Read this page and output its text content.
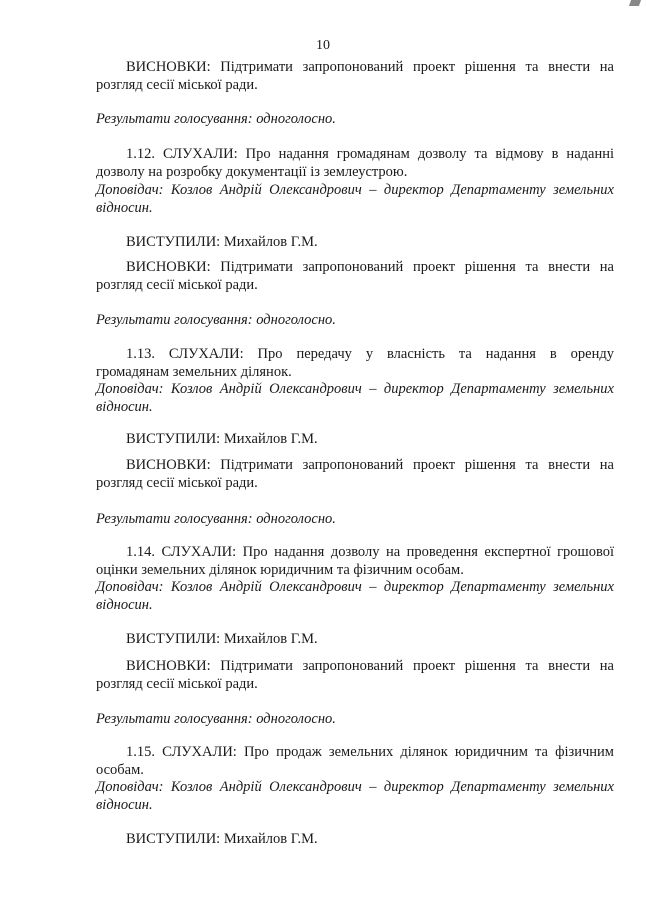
10
ВИСНОВКИ: Підтримати запропонований проект рішення та внести на
розгляд сесії міської ради.
Результати голосування: одноголосно.
1.12. СЛУХАЛИ: Про надання громадянам дозволу та відмову в наданні
дозволу на розробку документації із землеустрою.
Доповідач: Козлов Андрій Олександрович – директор Департаменту земельних
відносин.
ВИСТУПИЛИ: Михайлов Г.М.
ВИСНОВКИ: Підтримати запропонований проект рішення та внести на
розгляд сесії міської ради.
Результати голосування: одноголосно.
1.13. СЛУХАЛИ: Про передачу у власність та надання в оренду
громадянам земельних ділянок.
Доповідач: Козлов Андрій Олександрович – директор Департаменту земельних
відносин.
ВИСТУПИЛИ: Михайлов Г.М.
ВИСНОВКИ: Підтримати запропонований проект рішення та внести на
розгляд сесії міської ради.
Результати голосування: одноголосно.
1.14. СЛУХАЛИ: Про надання дозволу на проведення експертної грошової
оцінки земельних ділянок юридичним та фізичним особам.
Доповідач: Козлов Андрій Олександрович – директор Департаменту земельних
відносин.
ВИСТУПИЛИ: Михайлов Г.М.
ВИСНОВКИ: Підтримати запропонований проект рішення та внести на
розгляд сесії міської ради.
Результати голосування: одноголосно.
1.15. СЛУХАЛИ: Про продаж земельних ділянок юридичним та фізичним
особам.
Доповідач: Козлов Андрій Олександрович – директор Департаменту земельних
відносин.
ВИСТУПИЛИ: Михайлов Г.М.
